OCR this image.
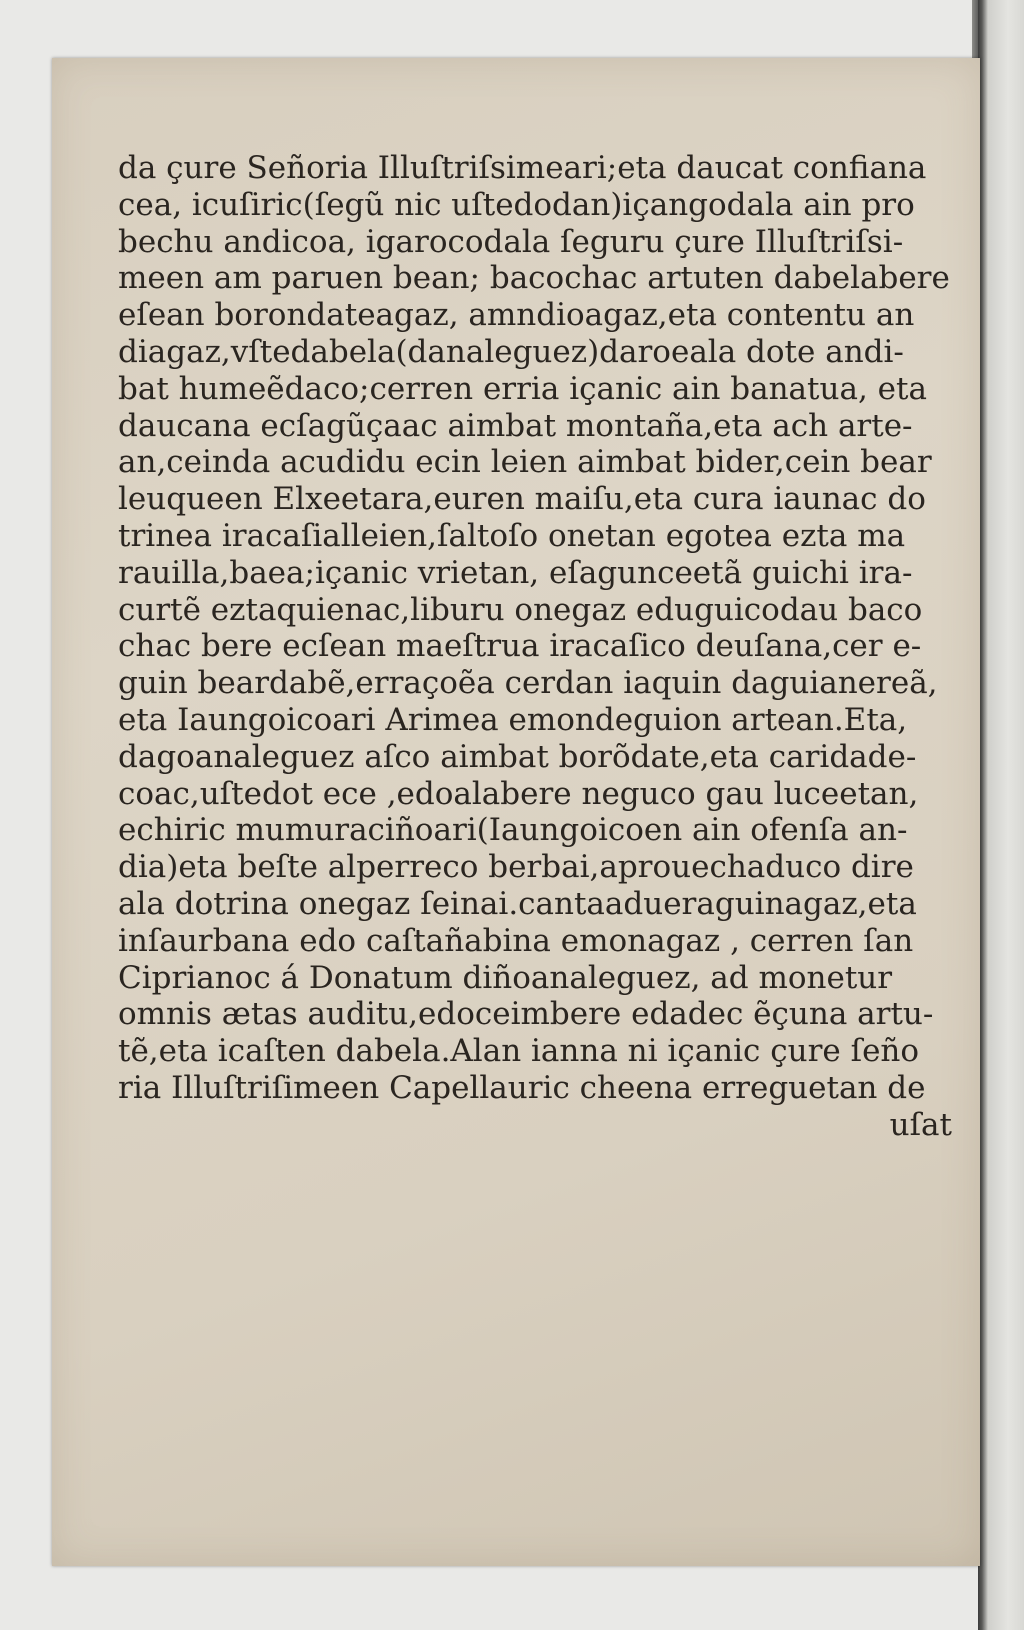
da çure Señoria Illuſtriſsimeari;eta daucat confiana
cea, icuſiric(ſegũ nic uſtedodan)içangodala ain pro
bechu andicoa, igarocodala ſeguru çure Illuſtriſsi-
meen am paruen bean; bacochac artuten dabelabere
eſean borondateagaz, amndioagaz,eta contentu an
diagaz,vſtedabela(danaleguez)daroeala dote andi-
bat humeẽdaco;cerren erria içanic ain banatua, eta
daucana ecſagũçaac aimbat montaña,eta ach arte-
an,ceinda acudidu ecin leien aimbat bider,cein bear
leuqueen Elxeetara,euren maiſu,eta cura iaunac do
trinea iracaſialleien,ſaltoſo onetan egotea ezta ma
rauilla,baea;içanic vrietan, eſagunceetã guichi ira-
curtẽ eztaquienac,liburu onegaz eduguicodau baco
chac bere ecſean maeſtrua iracaſico deuſana,cer e-
guin beardabẽ,erraçoẽa cerdan iaquin daguianereã,
eta Iaungoicoari Arimea emondeguion artean.Eta,
dagoanaleguez aſco aimbat borõdate,eta caridade-
coac,uſtedot ece ,edoalabere neguco gau luceetan,
echiric mumuraciñoari(Iaungoicoen ain ofenſa an-
dia)eta beſte alperreco berbai,aprouechaduco dire
ala dotrina onegaz ſeinai.cantaadueraguinagaz,eta
inſaurbana edo caſtañabina emonagaz , cerren ſan
Ciprianoc á Donatum diñoanaleguez, ad monetur
omnis ætas auditu,edoceimbere edadec ẽçuna artu-
tẽ,eta icaſten dabela.Alan ianna ni içanic çure ſeño
ria Illuſtriſimeen Capellauric cheena erreguetan de
uſat
